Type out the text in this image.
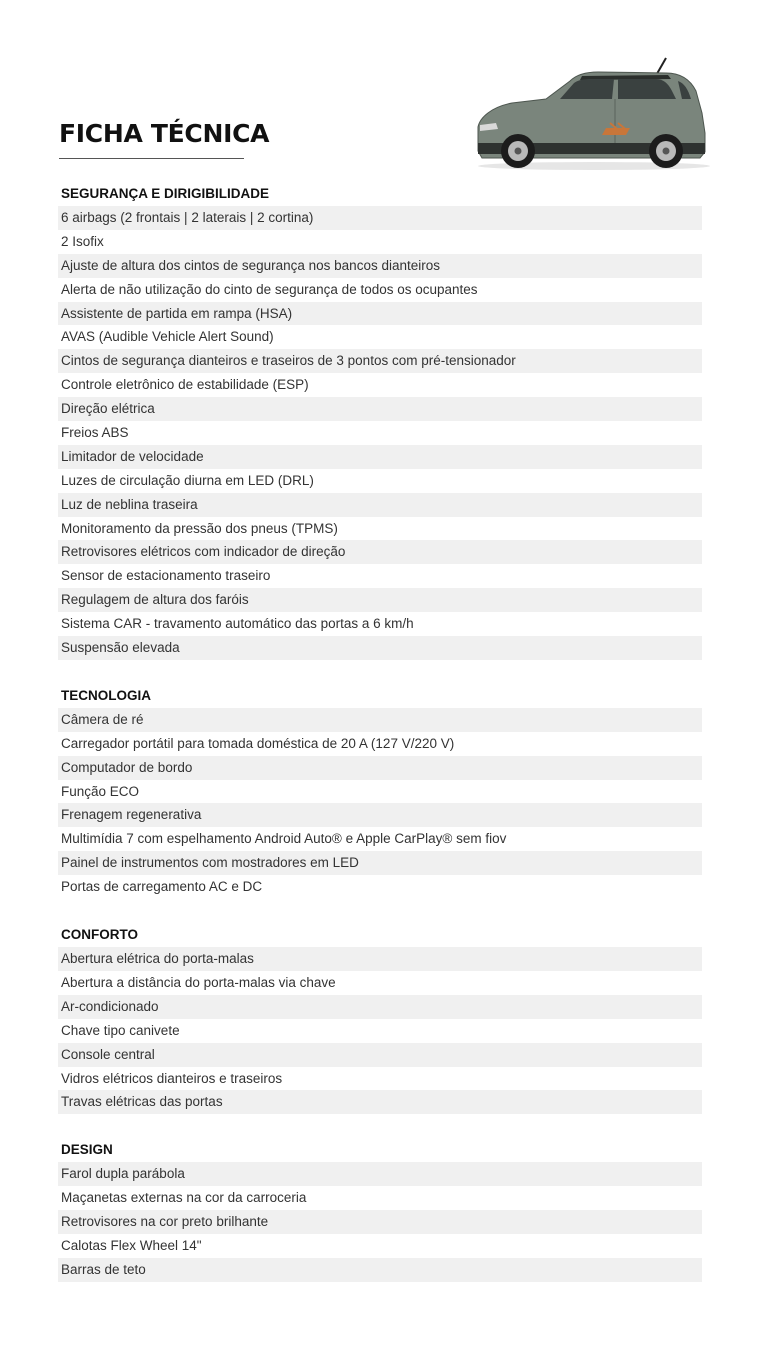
FICHA TÉCNICA
SEGURANÇA E DIRIGIBILIDADE
6 airbags (2 frontais | 2 laterais | 2 cortina)
2 Isofix
Ajuste de altura dos cintos de segurança nos bancos dianteiros
Alerta de não utilização do cinto de segurança de todos os ocupantes
Assistente de partida em rampa (HSA)
AVAS (Audible Vehicle Alert Sound)
Cintos de segurança dianteiros e traseiros de 3 pontos com pré-tensionador
Controle eletrônico de estabilidade (ESP)
Direção elétrica
Freios ABS
Limitador de velocidade
Luzes de circulação diurna em LED (DRL)
Luz de neblina traseira
Monitoramento da pressão dos pneus (TPMS)
Retrovisores elétricos com indicador de direção
Sensor de estacionamento traseiro
Regulagem de altura dos faróis
Sistema CAR - travamento automático das portas a 6 km/h
Suspensão elevada
TECNOLOGIA
Câmera de ré
Carregador portátil para tomada doméstica de 20 A (127 V/220 V)
Computador de bordo
Função ECO
Frenagem regenerativa
Multimídia 7 com espelhamento Android Auto® e Apple CarPlay® sem fiov
Painel de instrumentos com mostradores em LED
Portas de carregamento AC e DC
CONFORTO
Abertura elétrica do porta-malas
Abertura a distância do porta-malas via chave
Ar-condicionado
Chave tipo canivete
Console central
Vidros elétricos dianteiros e traseiros
Travas elétricas das portas
DESIGN
Farol dupla parábola
Maçanetas externas na cor da carroceria
Retrovisores na cor preto brilhante
Calotas Flex Wheel 14"
Barras de teto
